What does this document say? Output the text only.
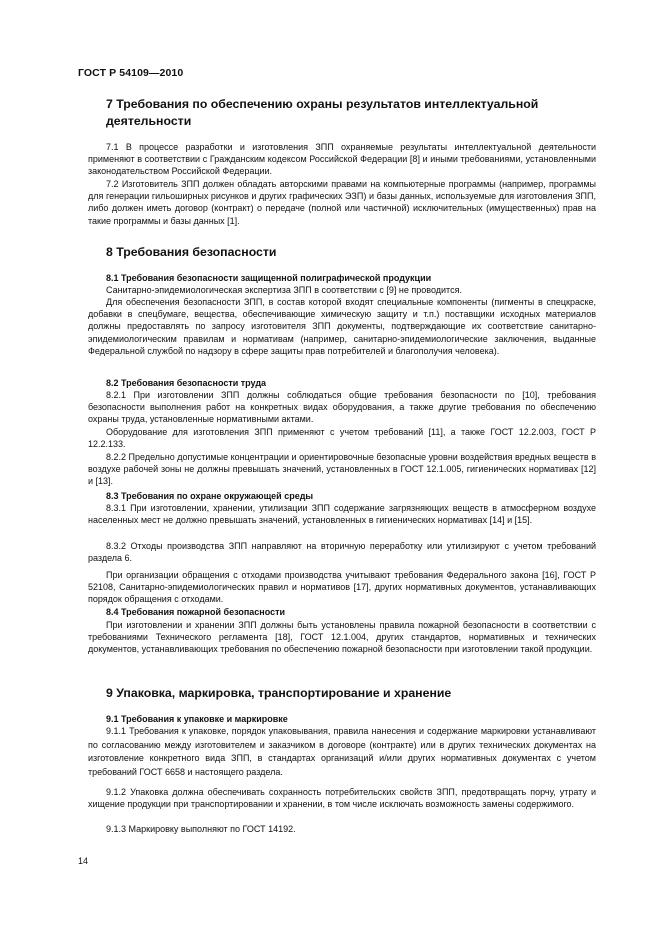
ГОСТ Р 54109—2010
7 Требования по обеспечению охраны результатов интеллектуальной деятельности
7.1 В процессе разработки и изготовления ЗПП охраняемые результаты интеллектуальной деятельности применяют в соответствии с Гражданским кодексом Российской Федерации [8] и иными требованиями, установленными законодательством Российской Федерации.
7.2 Изготовитель ЗПП должен обладать авторскими правами на компьютерные программы (например, программы для генерации гильоширных рисунков и других графических ЭЗП) и базы данных, используемые для изготовления ЗПП, либо должен иметь договор (контракт) о передаче (полной или частичной) исключительных (имущественных) прав на такие программы и базы данных [1].
8 Требования безопасности
8.1 Требования безопасности защищенной полиграфической продукции
Санитарно-эпидемиологическая экспертиза ЗПП в соответствии с [9] не проводится.
Для обеспечения безопасности ЗПП, в состав которой входят специальные компоненты (пигменты в спецкраске, добавки в спецбумаге, вещества, обеспечивающие химическую защиту и т.п.) поставщики исходных материалов должны предоставлять по запросу изготовителя ЗПП документы, подтверждающие их соответствие санитарно-эпидемиологическим правилам и нормативам (например, санитарно-эпидемиологические заключения, выданные Федеральной службой по надзору в сфере защиты прав потребителей и благополучия человека).
8.2 Требования безопасности труда
8.2.1 При изготовлении ЗПП должны соблюдаться общие требования безопасности по [10], требования безопасности выполнения работ на конкретных видах оборудования, а также другие требования по обеспечению охраны труда, установленные нормативными актами.
Оборудование для изготовления ЗПП применяют с учетом требований [11], а также ГОСТ 12.2.003, ГОСТ Р 12.2.133.
8.2.2 Предельно допустимые концентрации и ориентировочные безопасные уровни воздействия вредных веществ в воздухе рабочей зоны не должны превышать значений, установленных в ГОСТ 12.1.005, гигиенических нормативах [12] и [13].
8.3 Требования по охране окружающей среды
8.3.1 При изготовлении, хранении, утилизации ЗПП содержание загрязняющих веществ в атмосферном воздухе населенных мест не должно превышать значений, установленных в гигиенических нормативах [14] и [15].
8.3.2 Отходы производства ЗПП направляют на вторичную переработку или утилизируют с учетом требований раздела 6.
При организации обращения с отходами производства учитывают требования Федерального закона [16], ГОСТ Р 52108, Санитарно-эпидемиологических правил и нормативов [17], других нормативных документов, устанавливающих порядок обращения с отходами.
8.4 Требования пожарной безопасности
При изготовлении и хранении ЗПП должны быть установлены правила пожарной безопасности в соответствии с требованиями Технического регламента [18], ГОСТ 12.1.004, других стандартов, нормативных и технических документов, устанавливающих требования по обеспечению пожарной безопасности при изготовлении такой продукции.
9 Упаковка, маркировка, транспортирование и хранение
9.1 Требования к упаковке и маркировке
9.1.1 Требования к упаковке, порядок упаковывания, правила нанесения и содержание маркировки устанавливают по согласованию между изготовителем и заказчиком в договоре (контракте) или в других технических документах на изготовление конкретного вида ЗПП, в стандартах организаций и/или других нормативных документах с учетом требований ГОСТ 6658 и настоящего раздела.
9.1.2 Упаковка должна обеспечивать сохранность потребительских свойств ЗПП, предотвращать порчу, утрату и хищение продукции при транспортировании и хранении, в том числе исключать возможность замены содержимого.
9.1.3 Маркировку выполняют по ГОСТ 14192.
14
